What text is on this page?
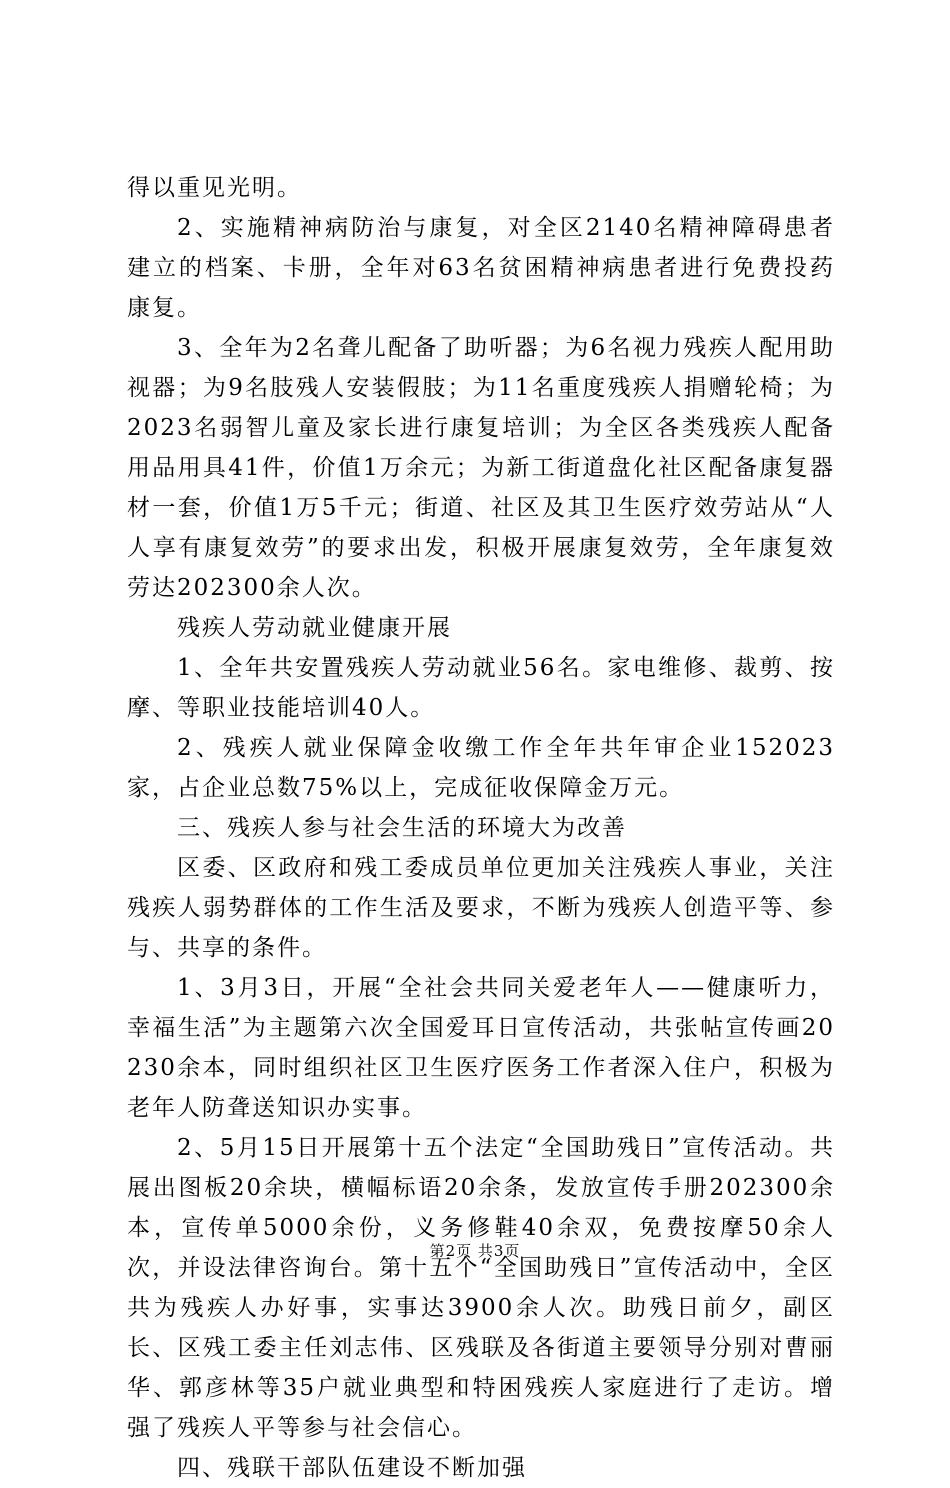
得以重见光明。

2、实施精神病防治与康复，对全区2140名精神障碍患者建立的档案、卡册，全年对63名贫困精神病患者进行免费投药康复。

3、全年为2名聋儿配备了助听器；为6名视力残疾人配用助视器；为9名肢残人安装假肢；为11名重度残疾人捐赠轮椅；为2023名弱智儿童及家长进行康复培训；为全区各类残疾人配备用品用具41件，价值1万余元；为新工街道盘化社区配备康复器材一套，价值1万5千元；街道、社区及其卫生医疗效劳站从“人人享有康复效劳”的要求出发，积极开展康复效劳，全年康复效劳达202300余人次。

残疾人劳动就业健康开展

1、全年共安置残疾人劳动就业56名。家电维修、裁剪、按摩、等职业技能培训40人。

2、残疾人就业保障金收缴工作全年共年审企业152023家，占企业总数75%以上，完成征收保障金万元。

三、残疾人参与社会生活的环境大为改善

区委、区政府和残工委成员单位更加关注残疾人事业，关注残疾人弱势群体的工作生活及要求，不断为残疾人创造平等、参与、共享的条件。

1、3月3日，开展“全社会共同关爱老年人——健康听力，幸福生活”为主题第六次全国爱耳日宣传活动，共张帖宣传画20230余本，同时组织社区卫生医疗医务工作者深入住户，积极为老年人防聋送知识办实事。

2、5月15日开展第十五个法定“全国助残日”宣传活动。共展出图板20余块，横幅标语20余条，发放宣传手册202300余本，宣传单5000余份，义务修鞋40余双，免费按摩50余人次，并设法律咨询台。第十五个“全国助残日”宣传活动中，全区共为残疾人办好事，实事达3900余人次。助残日前夕，副区长、区残工委主任刘志伟、区残联及各街道主要领导分别对曹丽华、郭彦林等35户就业典型和特困残疾人家庭进行了走访。增强了残疾人平等参与社会信心。

四、残联干部队伍建设不断加强

第2页 共3页
